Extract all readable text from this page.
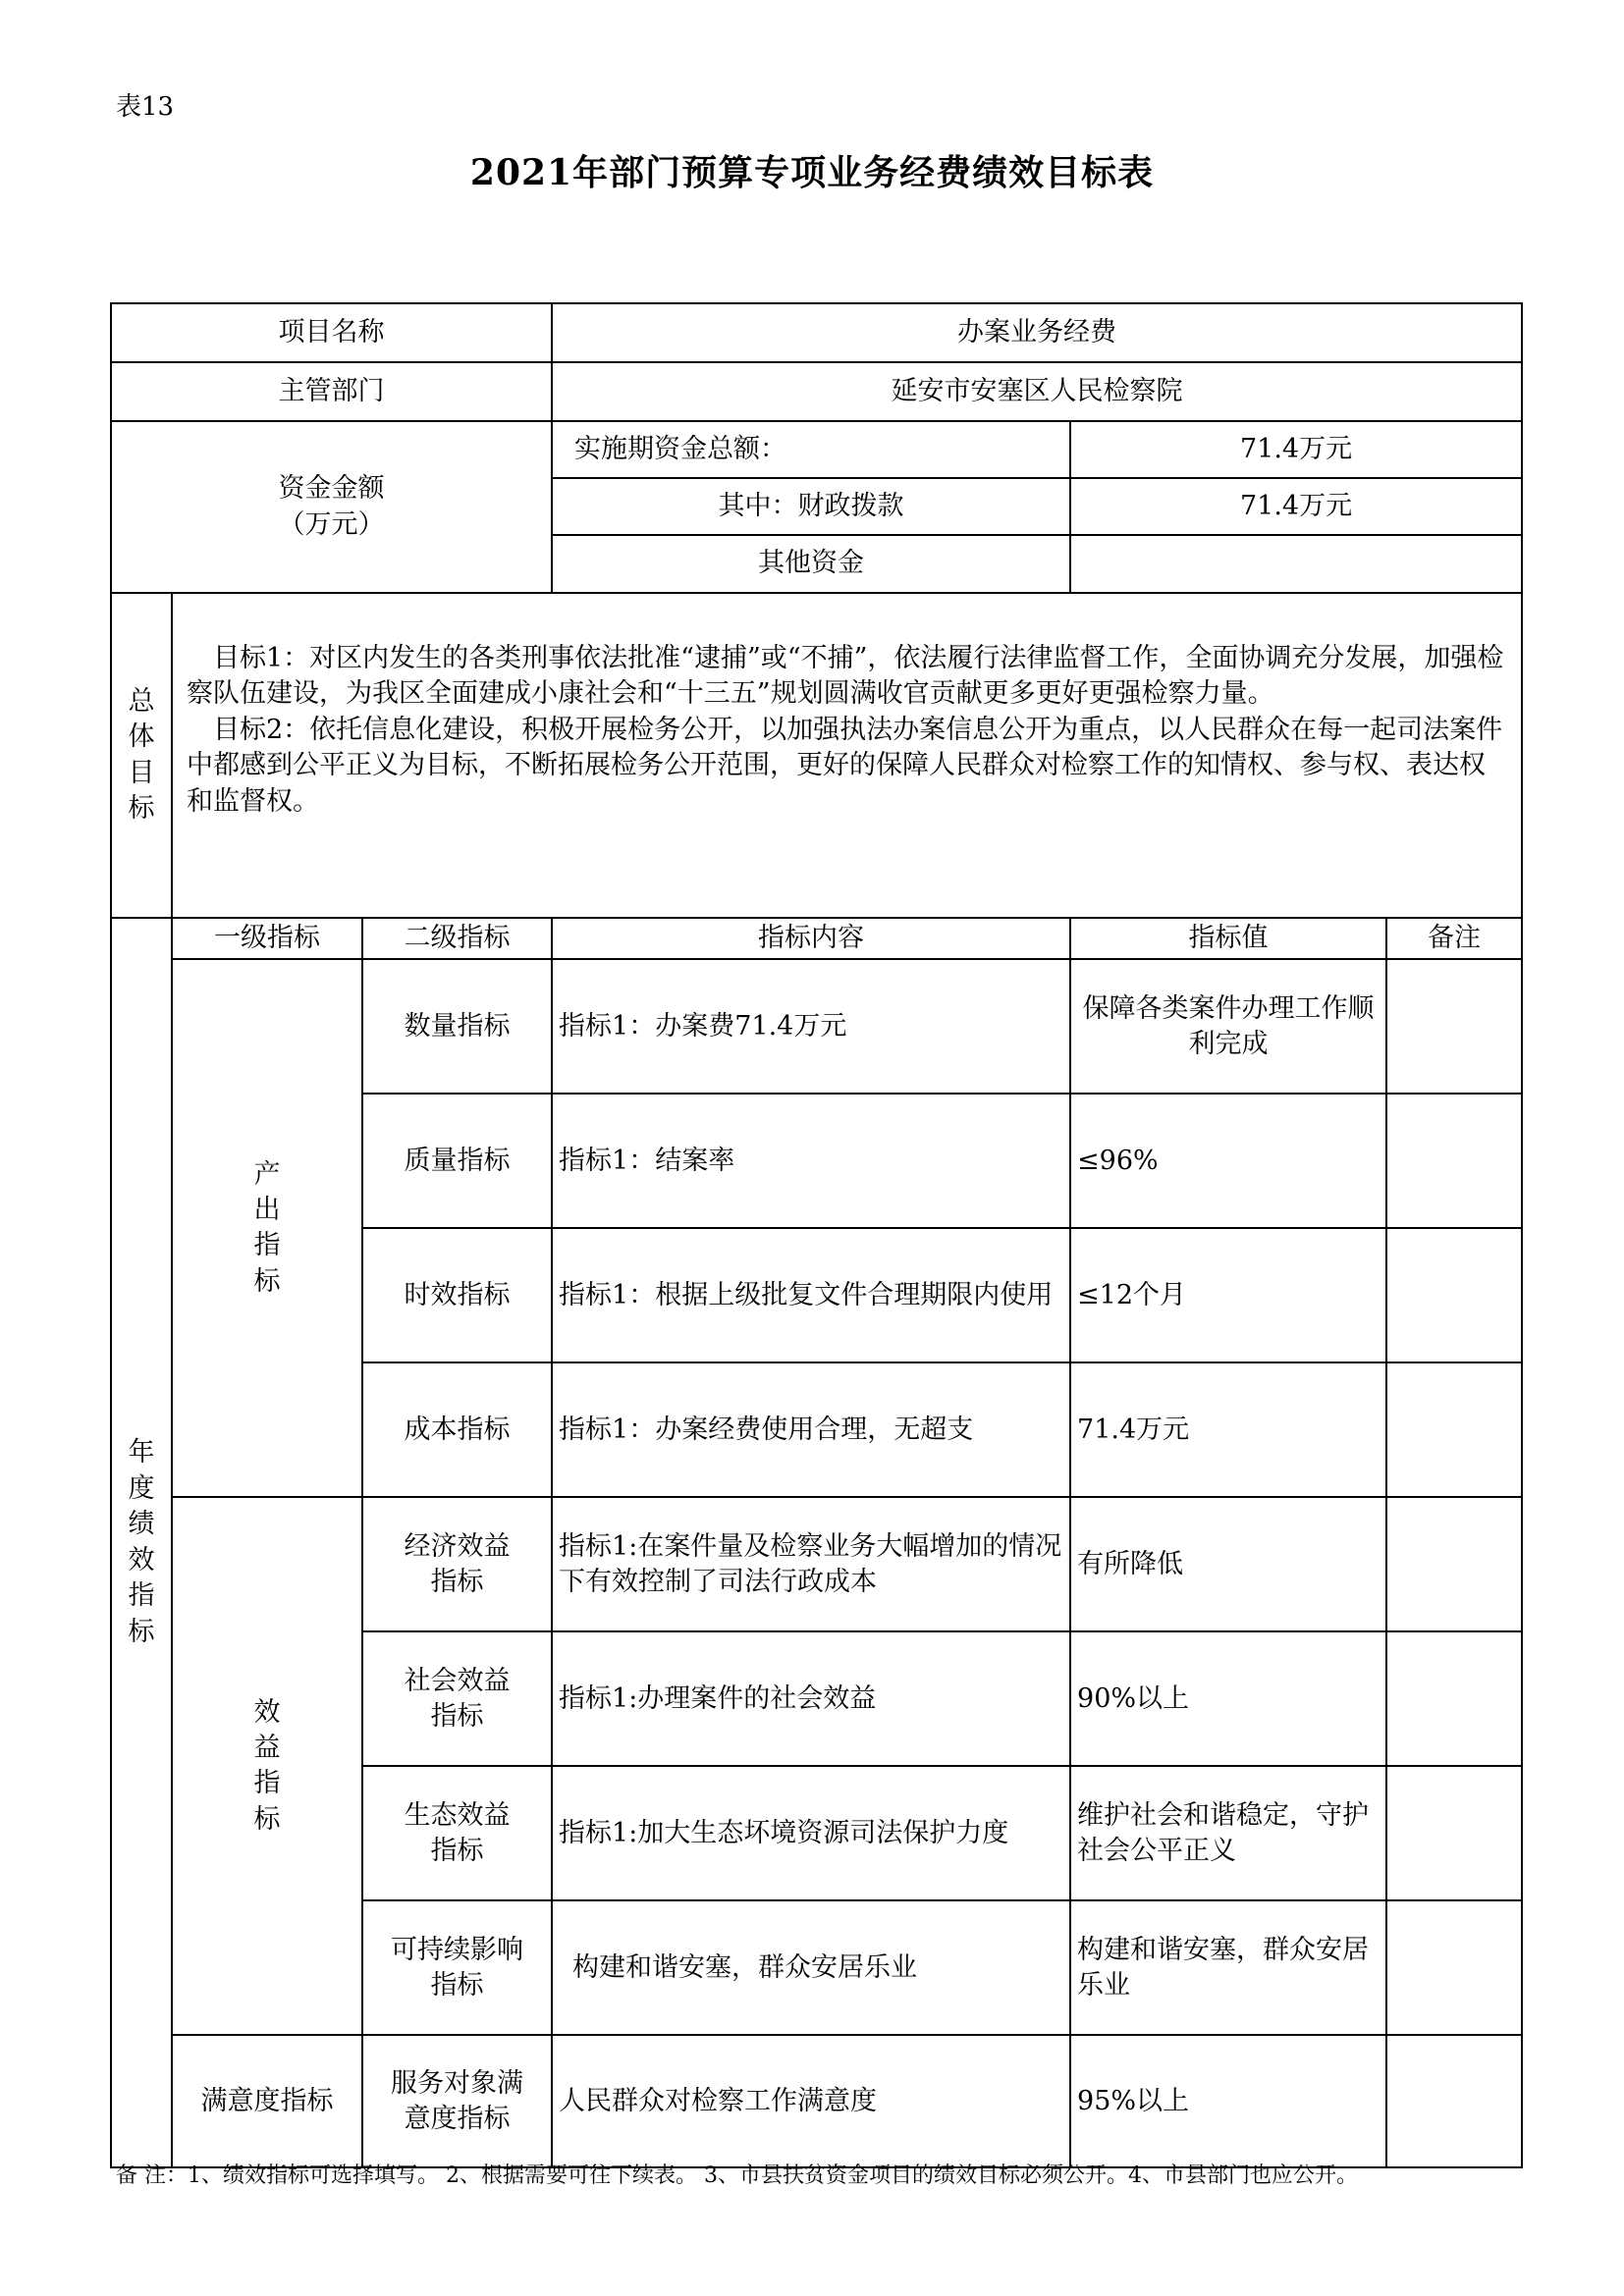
表13
2021年部门预算专项业务经费绩效目标表
项目名称			办案业务经费		
主管部门			延安市安塞区人民检察院		

资金金额
（万元）			实施期资金总额：	71.4万元	
			其中：财政拨款	71.4万元	
			其他资金		

总体目标	目标1：对区内发生的各类刑事依法批准“逮捕”或“不捕”，依法履行法律监督工作，全面协调充分发展，加强检察队伍建设，为我区全面建成小康社会和“十三五”规划圆满收官贡献更多更好更强检察力量。

目标2：依托信息化建设，积极开展检务公开，以加强执法办案信息公开为重点，以人民群众在每一起司法案件中都感到公平正义为目标，不断拓展检务公开范围，更好的保障人民群众对检察工作的知情权、参与权、表达权和监督权。				

年度绩效指标	一级指标	二级指标	指标内容	指标值	备注

	产出指标	数量指标	指标1：办案费71.4万元	保障各类案件办理工作顺利完成	
		质量指标	指标1：结案率	≤96%	
		时效指标	指标1：根据上级批复文件合理期限内使用	≤12个月	
		成本指标	指标1：办案经费使用合理，无超支	71.4万元	

	效益指标	经济效益指标	指标1:在案件量及检察业务大幅增加的情况下有效控制了司法行政成本	有所降低	

		社会效益指标	指标1:办理案件的社会效益	90%以上	

		生态效益指标	指标1:加大生态坏境资源司法保护力度	维护社会和谐稳定，守护社会公平正义	

		可持续影响指标	构建和谐安塞，群众安居乐业	构建和谐安塞，群众安居乐业	
	满意度指标	服务对象满意度指标	人民群众对检察工作满意度	95%以上	
备 注：1、绩效指标可选择填写。 2、根据需要可往下续表。 3、市县扶贫资金项目的绩效目标必须公开。4、市县部门也应公开。
